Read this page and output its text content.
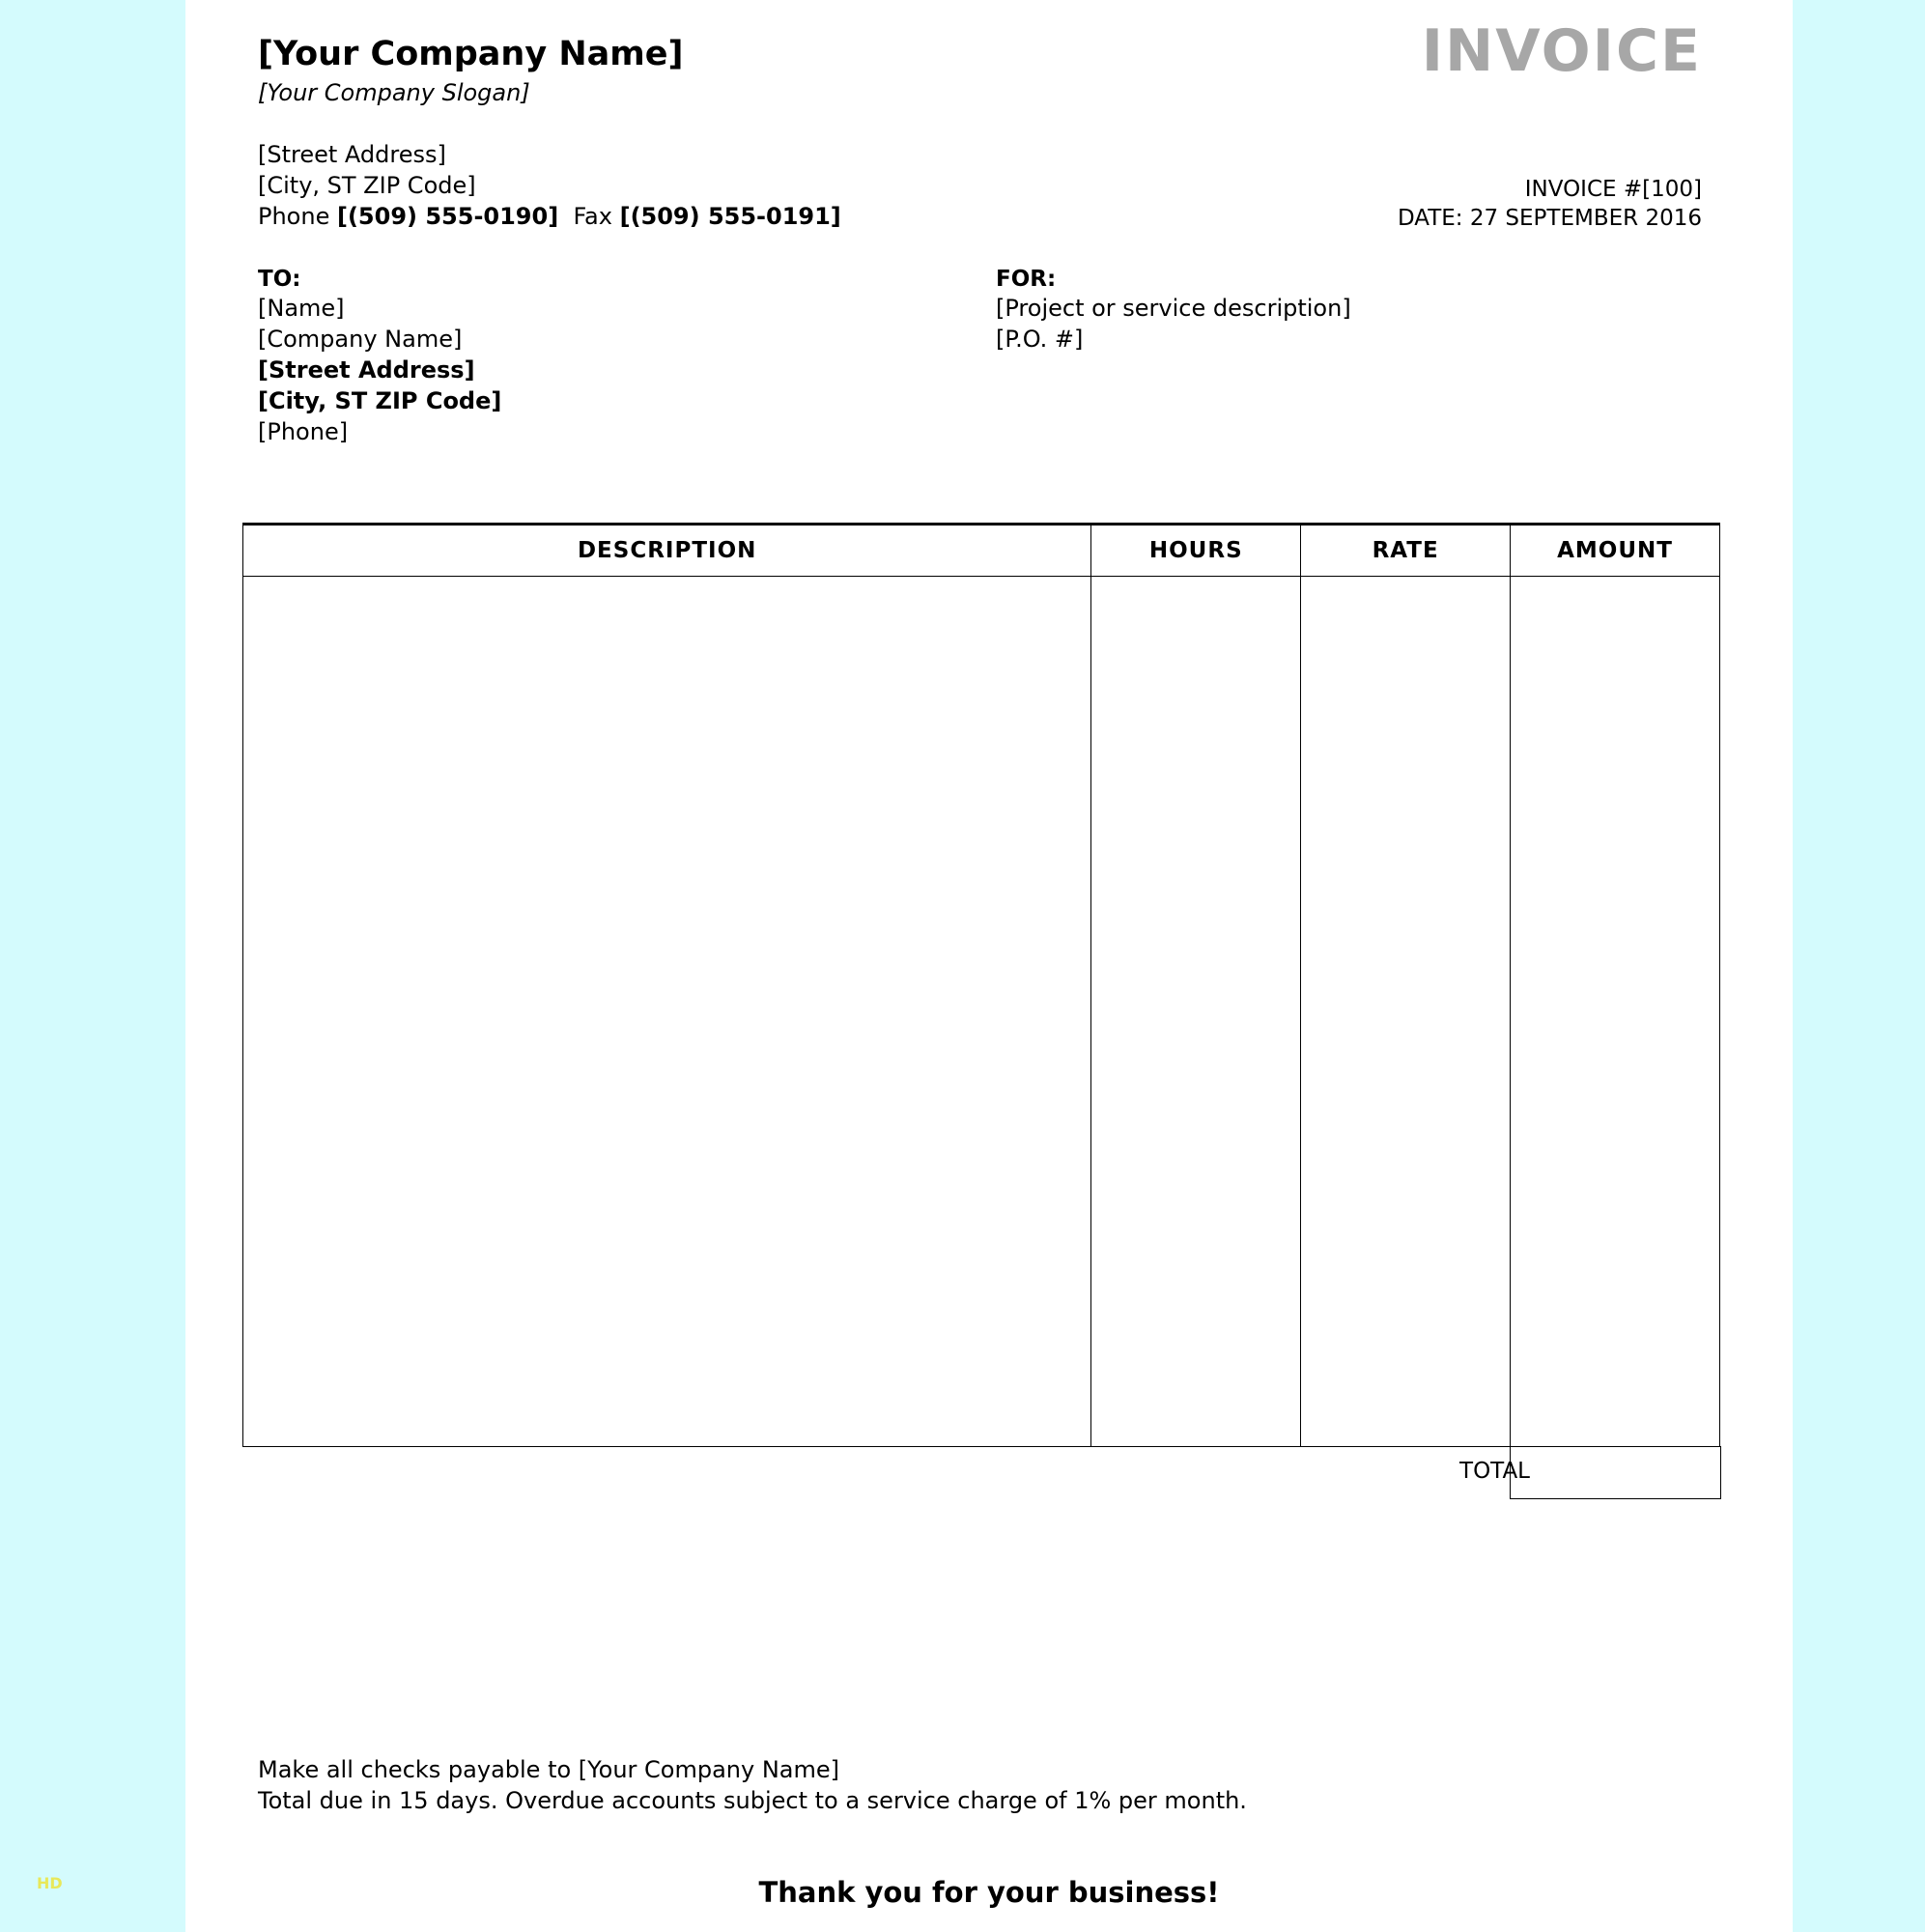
[Your Company Name]
[Your Company Slogan]
INVOICE
[Street Address]
[City, ST ZIP Code]
Phone [(509) 555-0190] Fax [(509) 555-0191]
INVOICE #[100]
DATE: 27 SEPTEMBER 2016
TO:
[Name]
[Company Name]
[Street Address]
[City, ST ZIP Code]
[Phone]
FOR:
[Project or service description]
[P.O. #]
DESCRIPTION	HOURS	RATE	AMOUNT

TOTAL
Make all checks payable to [Your Company Name]
Total due in 15 days. Overdue accounts subject to a service charge of 1% per month.
Thank you for your business!
HD
